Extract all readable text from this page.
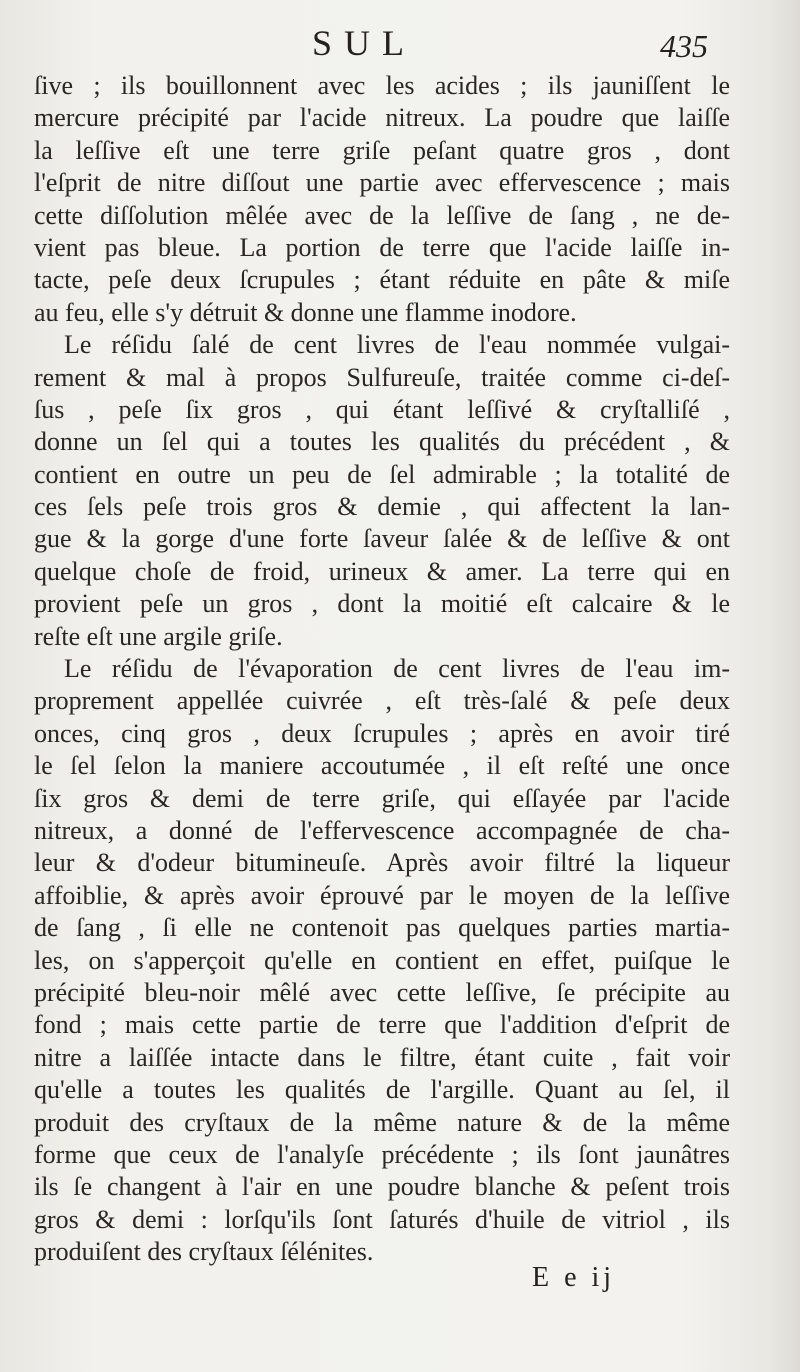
SUL	435
ſive ; ils bouillonnent avec les acides ; ils jauniſſent le
mercure précipité par l'acide nitreux. La poudre que laiſſe
la leſſive eſt une terre griſe peſant quatre gros , dont
l'eſprit de nitre diſſout une partie avec effervescence ; mais
cette diſſolution mêlée avec de la leſſive de ſang , ne de-
vient pas bleue. La portion de terre que l'acide laiſſe in-
tacte, peſe deux ſcrupules ; étant réduite en pâte & miſe
au feu, elle s'y détruit & donne une flamme inodore.
Le réſidu ſalé de cent livres de l'eau nommée vulgai-
rement & mal à propos Sulfureuſe, traitée comme ci-deſ-
ſus , peſe ſix gros , qui étant leſſivé & cryſtalliſé ,
donne un ſel qui a toutes les qualités du précédent , &
contient en outre un peu de ſel admirable ; la totalité de
ces ſels peſe trois gros & demie , qui affectent la lan-
gue & la gorge d'une forte ſaveur ſalée & de leſſive & ont
quelque choſe de froid, urineux & amer. La terre qui en
provient peſe un gros , dont la moitié eſt calcaire & le
reſte eſt une argile griſe.
Le réſidu de l'évaporation de cent livres de l'eau im-
proprement appellée cuivrée , eſt très-ſalé & peſe deux
onces, cinq gros , deux ſcrupules ; après en avoir tiré
le ſel ſelon la maniere accoutumée , il eſt reſté une once
ſix gros & demi de terre griſe, qui eſſayée par l'acide
nitreux, a donné de l'effervescence accompagnée de cha-
leur & d'odeur bitumineuſe. Après avoir filtré la liqueur
affoiblie, & après avoir éprouvé par le moyen de la leſſive
de ſang , ſi elle ne contenoit pas quelques parties martia-
les, on s'apperçoit qu'elle en contient en effet, puiſque le
précipité bleu-noir mêlé avec cette leſſive, ſe précipite au
fond ; mais cette partie de terre que l'addition d'eſprit de
nitre a laiſſée intacte dans le filtre, étant cuite , fait voir
qu'elle a toutes les qualités de l'argille. Quant au ſel, il
produit des cryſtaux de la même nature & de la même
forme que ceux de l'analyſe précédente ; ils ſont jaunâtres
ils ſe changent à l'air en une poudre blanche & peſent trois
gros & demi : lorſqu'ils ſont ſaturés d'huile de vitriol , ils
produiſent des cryſtaux ſélénites.
E e ij
